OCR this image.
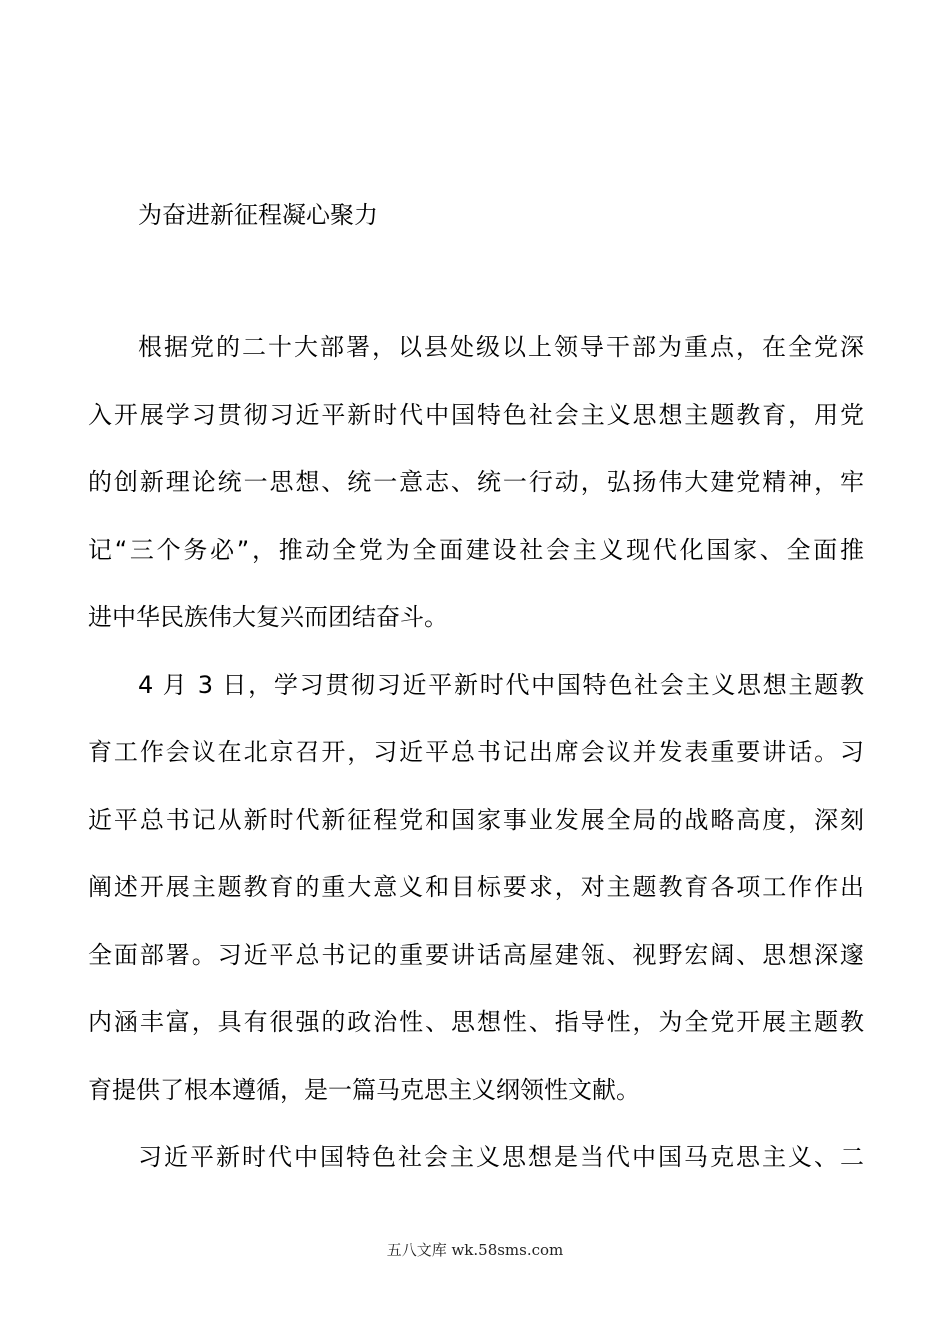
为奋进新征程凝心聚力
根据党的二十大部署，以县处级以上领导干部为重点，在全党深
入开展学习贯彻习近平新时代中国特色社会主义思想主题教育，用党
的创新理论统一思想、统一意志、统一行动，弘扬伟大建党精神，牢
记“三个务必”，推动全党为全面建设社会主义现代化国家、全面推
进中华民族伟大复兴而团结奋斗。
4 月 3 日，学习贯彻习近平新时代中国特色社会主义思想主题教
育工作会议在北京召开，习近平总书记出席会议并发表重要讲话。习
近平总书记从新时代新征程党和国家事业发展全局的战略高度，深刻
阐述开展主题教育的重大意义和目标要求，对主题教育各项工作作出
全面部署。习近平总书记的重要讲话高屋建瓴、视野宏阔、思想深邃
内涵丰富，具有很强的政治性、思想性、指导性，为全党开展主题教
育提供了根本遵循，是一篇马克思主义纲领性文献。
习近平新时代中国特色社会主义思想是当代中国马克思主义、二
五八文库 wk.58sms.com
